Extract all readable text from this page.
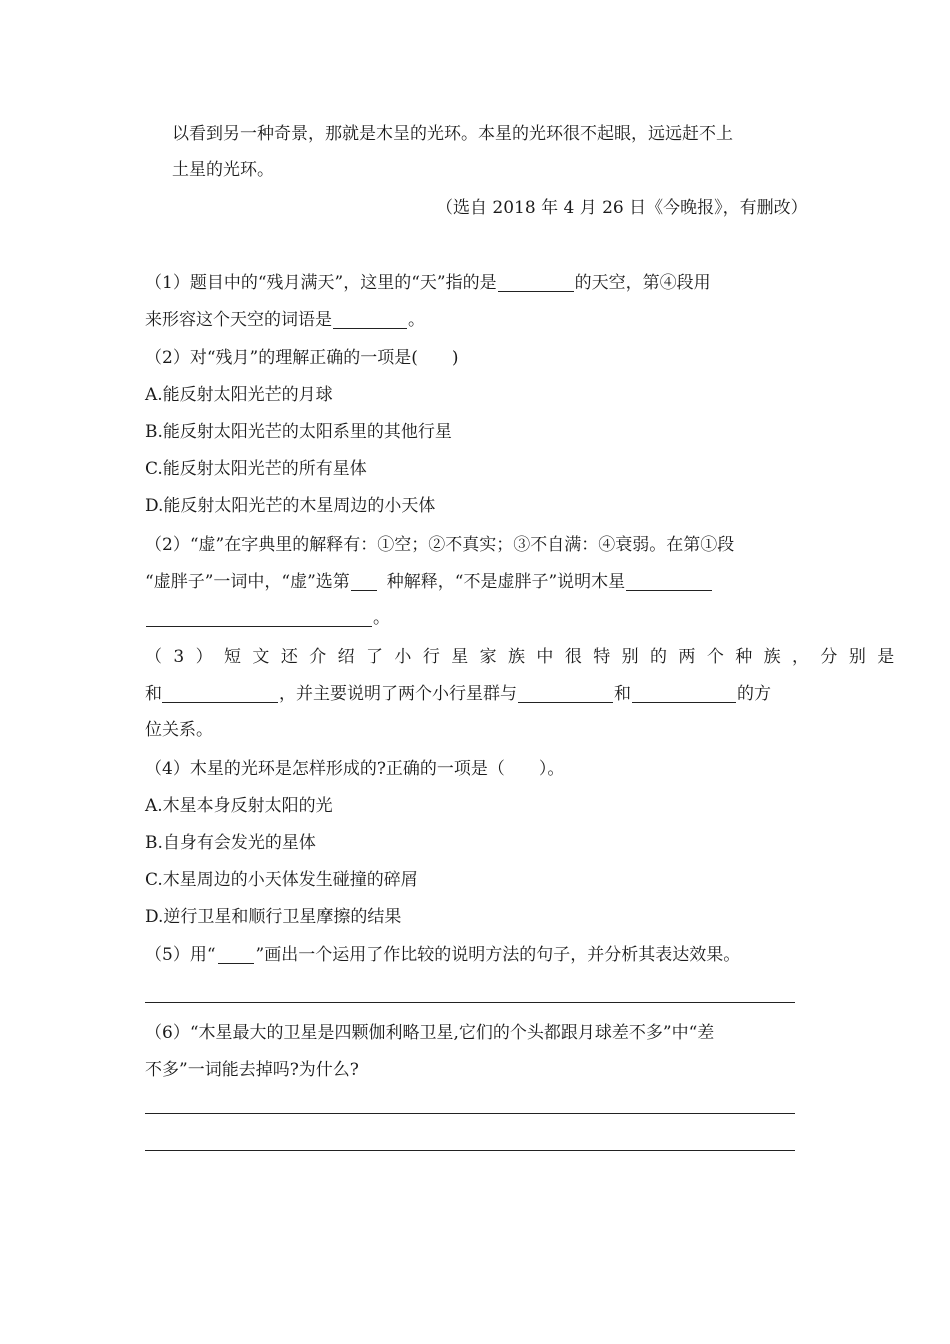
以看到另一种奇景，那就是木呈的光环。本星的光环很不起眼，远远赶不上
土星的光环。
（选自 2018 年 4 月 26 日《今晚报》，有删改）
（1）题目中的“残月满天”，这里的“天”指的是	的天空，第④段用
来形容这个天空的词语是	。
（2）对“残月”的理解正确的一项是(　　)
A.能反射太阳光芒的月球
B.能反射太阳光芒的太阳系里的其他行星
C.能反射太阳光芒的所有星体
D.能反射太阳光芒的木星周边的小天体
（2）“虚”在字典里的解释有：①空；②不真实；③不自满：④衰弱。在第①段
“虚胖子”一词中，“虚”选第 种解释，“不是虚胖子”说明木星
。
（3）短文还介绍了小行星家族中很特别的两个种族，分别是
和	，并主要说明了两个小行星群与	和	的方
位关系。
（4）木星的光环是怎样形成的?正确的一项是（　　）。
A.木星本身反射太阳的光
B.自身有会发光的星体
C.木星周边的小天体发生碰撞的碎屑
D.逆行卫星和顺行卫星摩擦的结果
（5）用“ ”画出一个运用了作比较的说明方法的句子，并分析其表达效果。
（6）“木星最大的卫星是四颗伽利略卫星,它们的个头都跟月球差不多”中“差
不多”一词能去掉吗?为什么?
